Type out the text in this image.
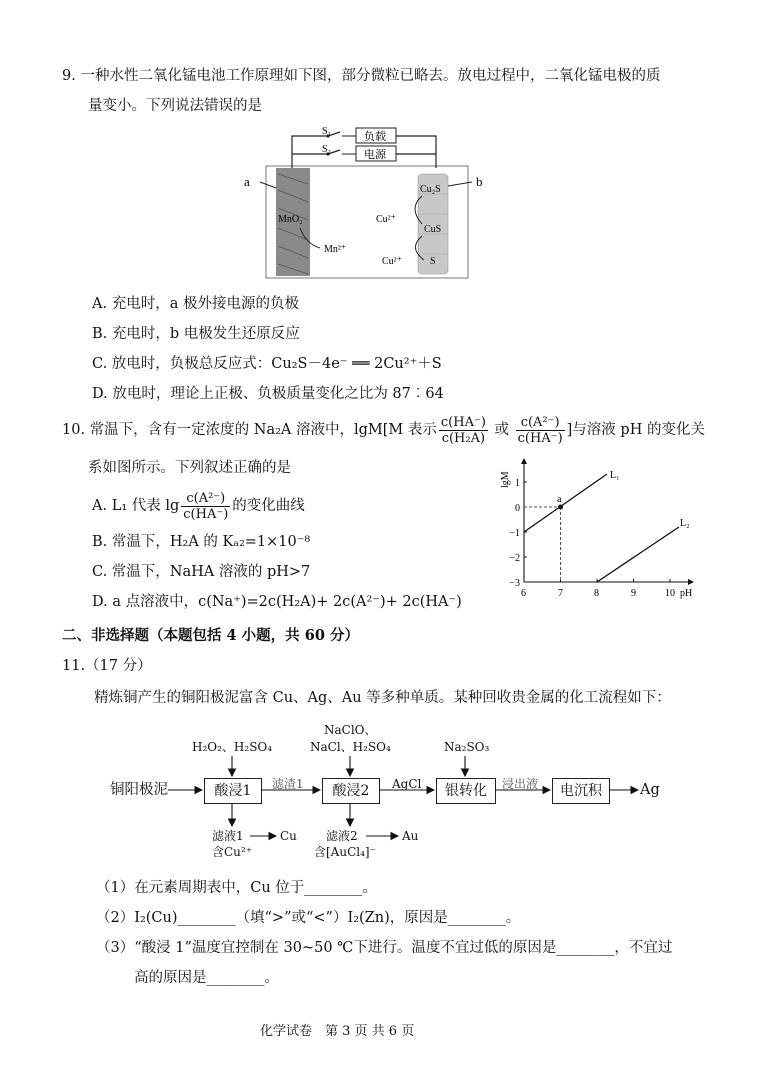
9. 一种水性二氧化锰电池工作原理如下图，部分微粒已略去。放电过程中，二氧化锰电极的质
量变小。下列说法错误的是
S₁
S₂
负载
电源
a
MnO₂
Mn²⁺
b
Cu₂S
CuS
S
Cu²⁺
Cu²⁺
A. 充电时，a 极外接电源的负极
B. 充电时，b 电极发生还原反应
C. 放电时，负极总反应式：Cu₂S－4e⁻ ══ 2Cu²⁺＋S
D. 放电时，理论上正极、负极质量变化之比为 87︰64
10. 常温下，含有一定浓度的 Na₂A 溶液中，lgM[M 表示 $\frac{c(HA^-)}{\text{c(H₂A)}}$ 或 $\frac{\text{c(A²⁻)}}{c(HA^-)}$ ]与溶液 pH 的变化关
系如图所示。下列叙述正确的是
A. L₁ 代表 $\lg \frac{\text{c(A²⁻)}}{c(HA^-)}$ 的变化曲线
B. 常温下，H₂A 的 Kₐ₂=1×10⁻⁸
C. 常温下，NaHA 溶液的 pH>7
D. a 点溶液中，c(Na⁺)=2c(H₂A)+ 2c(A²⁻)+ 2c(HA⁻)
lgM
pH
6	7	8	9	10
1
0
−1
−2
−3
a
L₁
L₂
二、非选择题（本题包括 4 小题，共 60 分）
11.（17 分）
精炼铜产生的铜阳极泥富含 Cu、Ag、Au 等多种单质。某种回收贵金属的化工流程如下：
H₂O₂、H₂SO₄
NaClO、
NaCl、H₂SO₄	Na₂SO₃
铜阳极泥	酸浸1	酸浸2	银转化	电沉积
滤渣1	AgCl	浸出液	Ag
滤液1
含Cu²⁺
Cu 滤液2
含[AuCl₄]⁻
Au
（1）在元素周期表中，Cu 位于________。
（2）I₂(Cu)________（填“>”或“<”）I₂(Zn)，原因是________。
（3）“酸浸 1”温度宜控制在 30~50 ℃下进行。温度不宜过低的原因是________，不宜过
高的原因是________。
化学试卷　第 3 页 共 6 页
